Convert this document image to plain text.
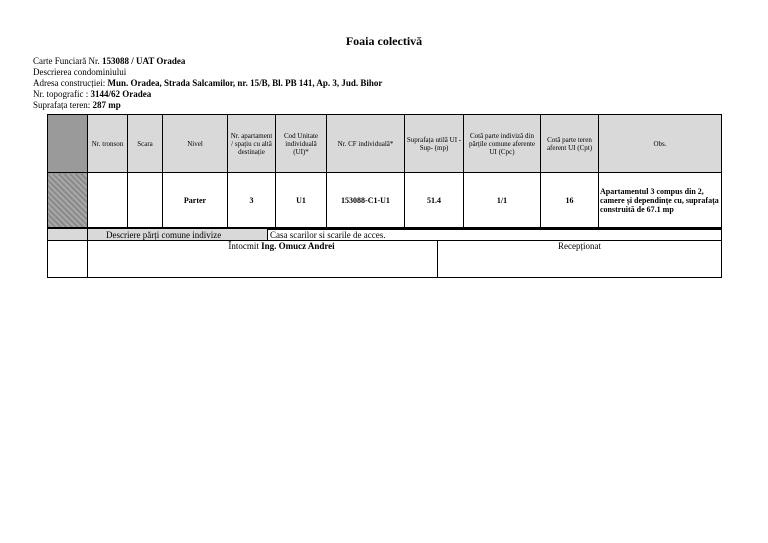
Foaia colectivă
Carte Funciară Nr. 153088 / UAT Oradea
Descrierea condominiului
Adresa construcției: Mun. Oradea, Strada Salcamilor, nr. 15/B, Bl. PB 141, Ap. 3, Jud. Bihor
Nr. topografic : 3144/62 Oradea
Suprafața teren: 287 mp
	Nr. tronson	Scara	Nivel	Nr. apartament / spațiu cu altă destinație	Cod Unitate individuală (UI)*	Nr. CF individuală*	Suprafața utilă UI - Sup- (mp)	Cotă parte indiviză din părțile comune aferente UI (Cpc)	Cotă parte teren aferent UI (Cpt)	Obs.
			Parter	3	U1	153088-C1-U1	51.4	1/1	16	Apartamentul 3 compus din 2, camere și dependințe cu, suprafața construită de 67.1 mp
	Descriere părți comune indivize	Casa scarilor si scarile de acces.	
	Întocmit Ing. Omucz Andrei		Recepționat
